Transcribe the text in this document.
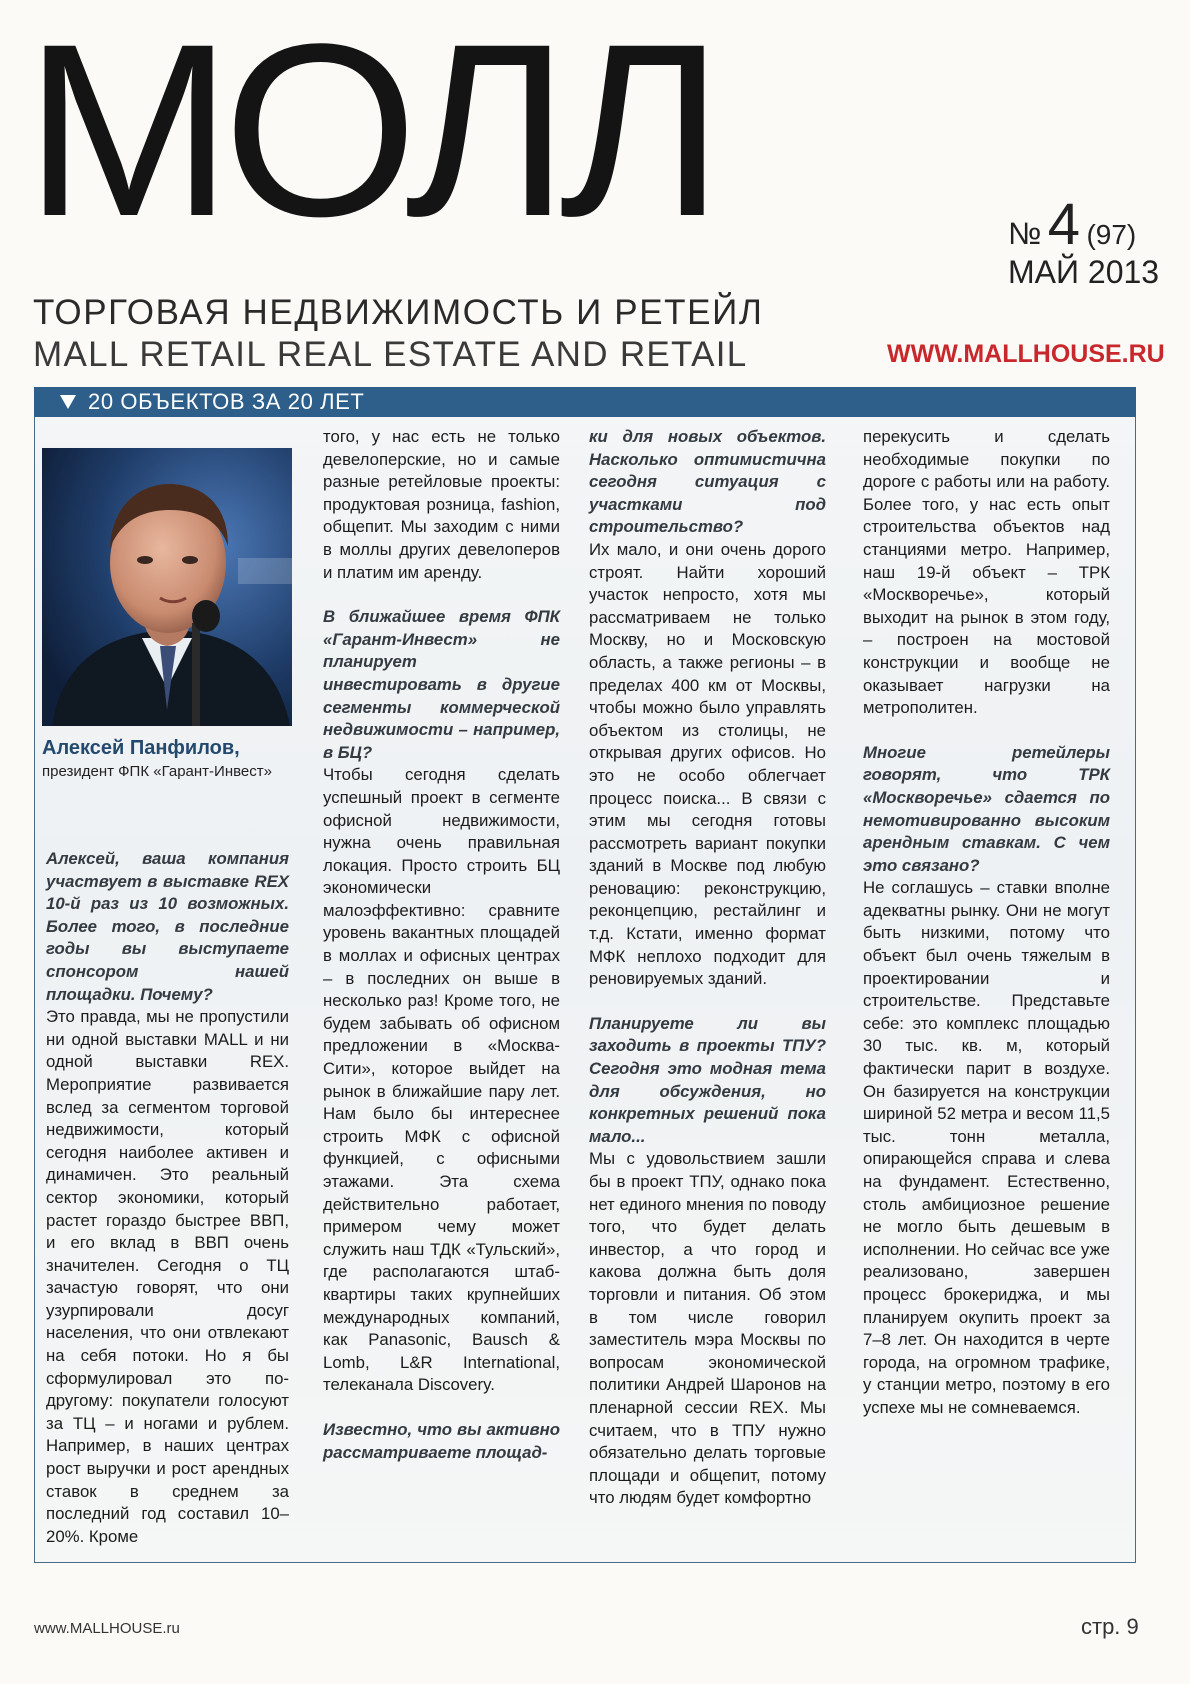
МОЛЛ	№ 4 (97)
МАЙ 2013
ТОРГОВАЯ НЕДВИЖИМОСТЬ И РЕТЕЙЛ
MALL RETAIL REAL ESTATE AND RETAIL	WWW.MALLHOUSE.RU
20 ОБЪЕКТОВ ЗА 20 ЛЕТ
Алексей Панфилов,
президент ФПК «Гарант-Инвест»

Алексей, ваша компания участвует в выставке REX 10-й раз из 10 возможных. Более того, в последние годы вы выступаете спонсором нашей площадки. Почему?

Это правда, мы не пропустили ни одной выставки MALL и ни одной выставки REX. Мероприятие развивается вслед за сегментом торговой недвижимости, который сегодня наиболее активен и динамичен. Это реальный сектор экономики, который растет гораздо быстрее ВВП, и его вклад в ВВП очень значителен. Сегодня о ТЦ зачастую говорят, что они узурпировали досуг населения, что они отвлекают на себя потоки. Но я бы сформулировал это по-другому: покупатели голосуют за ТЦ – и ногами и рублем. Например, в наших центрах рост выручки и рост арендных ставок в среднем за последний год составил 10–20%. Кроме

того, у нас есть не только девелоперские, но и самые разные ретейловые проекты: продуктовая розница, fashion, общепит. Мы заходим с ними в моллы других девелоперов и платим им аренду.

В ближайшее время ФПК «Гарант-Инвест» не планирует инвестировать в другие сегменты коммерческой недвижимости – например, в БЦ?

Чтобы сегодня сделать успешный проект в сегменте офисной недвижимости, нужна очень правильная локация. Просто строить БЦ экономически малоэффективно: сравните уровень вакантных площадей в моллах и офисных центрах – в последних он выше в несколько раз! Кроме того, не будем забывать об офисном предложении в «Москва-Сити», которое выйдет на рынок в ближайшие пару лет. Нам было бы интереснее строить МФК с офисной функцией, с офисными этажами. Эта схема действительно работает, примером чему может служить наш ТДК «Тульский», где располагаются штаб-квартиры таких крупнейших международных компаний, как Panasonic, Bausch & Lomb, L&R International, телеканала Discovery.

Известно, что вы активно рассматриваете площад-

ки для новых объектов. Насколько оптимистична сегодня ситуация с участками под строительство?

Их мало, и они очень дорого строят. Найти хороший участок непросто, хотя мы рассматриваем не только Москву, но и Московскую область, а также регионы – в пределах 400 км от Москвы, чтобы можно было управлять объектом из столицы, не открывая других офисов. Но это не особо облегчает процесс поиска... В связи с этим мы сегодня готовы рассмотреть вариант покупки зданий в Москве под любую реновацию: реконструкцию, реконцепцию, рестайлинг и т.д. Кстати, именно формат МФК неплохо подходит для реновируемых зданий.

Планируете ли вы заходить в проекты ТПУ? Сегодня это модная тема для обсуждения, но конкретных решений пока мало...

Мы с удовольствием зашли бы в проект ТПУ, однако пока нет единого мнения по поводу того, что будет делать инвестор, а что город и какова должна быть доля торговли и питания. Об этом в том числе говорил заместитель мэра Москвы по вопросам экономической политики Андрей Шаронов на пленарной сессии REX. Мы считаем, что в ТПУ нужно обязательно делать торговые площади и общепит, потому что людям будет комфортно

перекусить и сделать необходимые покупки по дороге с работы или на работу. Более того, у нас есть опыт строительства объектов над станциями метро. Например, наш 19-й объект – ТРК «Москворечье», который выходит на рынок в этом году, – построен на мостовой конструкции и вообще не оказывает нагрузки на метрополитен.

Многие ретейлеры говорят, что ТРК «Москворечье» сдается по немотивированно высоким арендным ставкам. С чем это связано?

Не соглашусь – ставки вполне адекватны рынку. Они не могут быть низкими, потому что объект был очень тяжелым в проектировании и строительстве. Представьте себе: это комплекс площадью 30 тыс. кв. м, который фактически парит в воздухе. Он базируется на конструкции шириной 52 метра и весом 11,5 тыс. тонн металла, опирающейся справа и слева на фундамент. Естественно, столь амбициозное решение не могло быть дешевым в исполнении. Но сейчас все уже реализовано, завершен процесс брокериджа, и мы планируем окупить проект за 7–8 лет. Он находится в черте города, на огромном трафике, у станции метро, поэтому в его успехе мы не сомневаемся.

www.MALLHOUSE.ru	стр. 9
